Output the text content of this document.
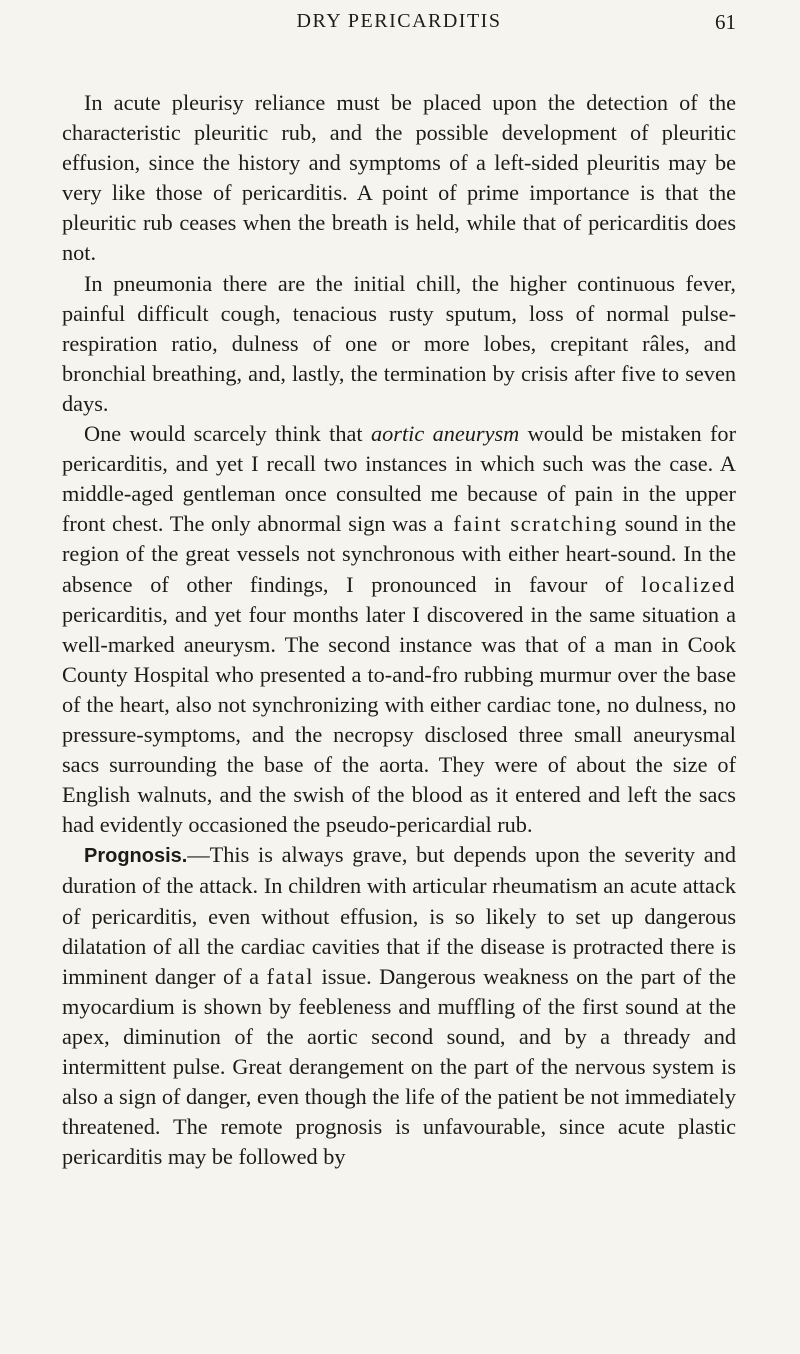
DRY PERICARDITIS	61

In acute pleurisy reliance must be placed upon the detection of the characteristic pleuritic rub, and the possible development of pleuritic effusion, since the history and symptoms of a left-sided pleuritis may be very like those of pericarditis. A point of prime importance is that the pleuritic rub ceases when the breath is held, while that of pericarditis does not.

In pneumonia there are the initial chill, the higher continuous fever, painful difficult cough, tenacious rusty sputum, loss of normal pulse-respiration ratio, dulness of one or more lobes, crepitant râles, and bronchial breathing, and, lastly, the termination by crisis after five to seven days.

One would scarcely think that aortic aneurysm would be mistaken for pericarditis, and yet I recall two instances in which such was the case. A middle-aged gentleman once consulted me because of pain in the upper front chest. The only abnormal sign was a faint scratching sound in the region of the great vessels not synchronous with either heart-sound. In the absence of other findings, I pronounced in favour of localized pericarditis, and yet four months later I discovered in the same situation a well-marked aneurysm. The second instance was that of a man in Cook County Hospital who presented a to-and-fro rubbing murmur over the base of the heart, also not synchronizing with either cardiac tone, no dulness, no pressure-symptoms, and the necropsy disclosed three small aneurysmal sacs surrounding the base of the aorta. They were of about the size of English walnuts, and the swish of the blood as it entered and left the sacs had evidently occasioned the pseudo-pericardial rub.

Prognosis.—This is always grave, but depends upon the severity and duration of the attack. In children with articular rheumatism an acute attack of pericarditis, even without effusion, is so likely to set up dangerous dilatation of all the cardiac cavities that if the disease is protracted there is imminent danger of a fatal issue. Dangerous weakness on the part of the myocardium is shown by feebleness and muffling of the first sound at the apex, diminution of the aortic second sound, and by a thready and intermittent pulse. Great derangement on the part of the nervous system is also a sign of danger, even though the life of the patient be not immediately threatened. The remote prognosis is unfavourable, since acute plastic pericarditis may be followed by
